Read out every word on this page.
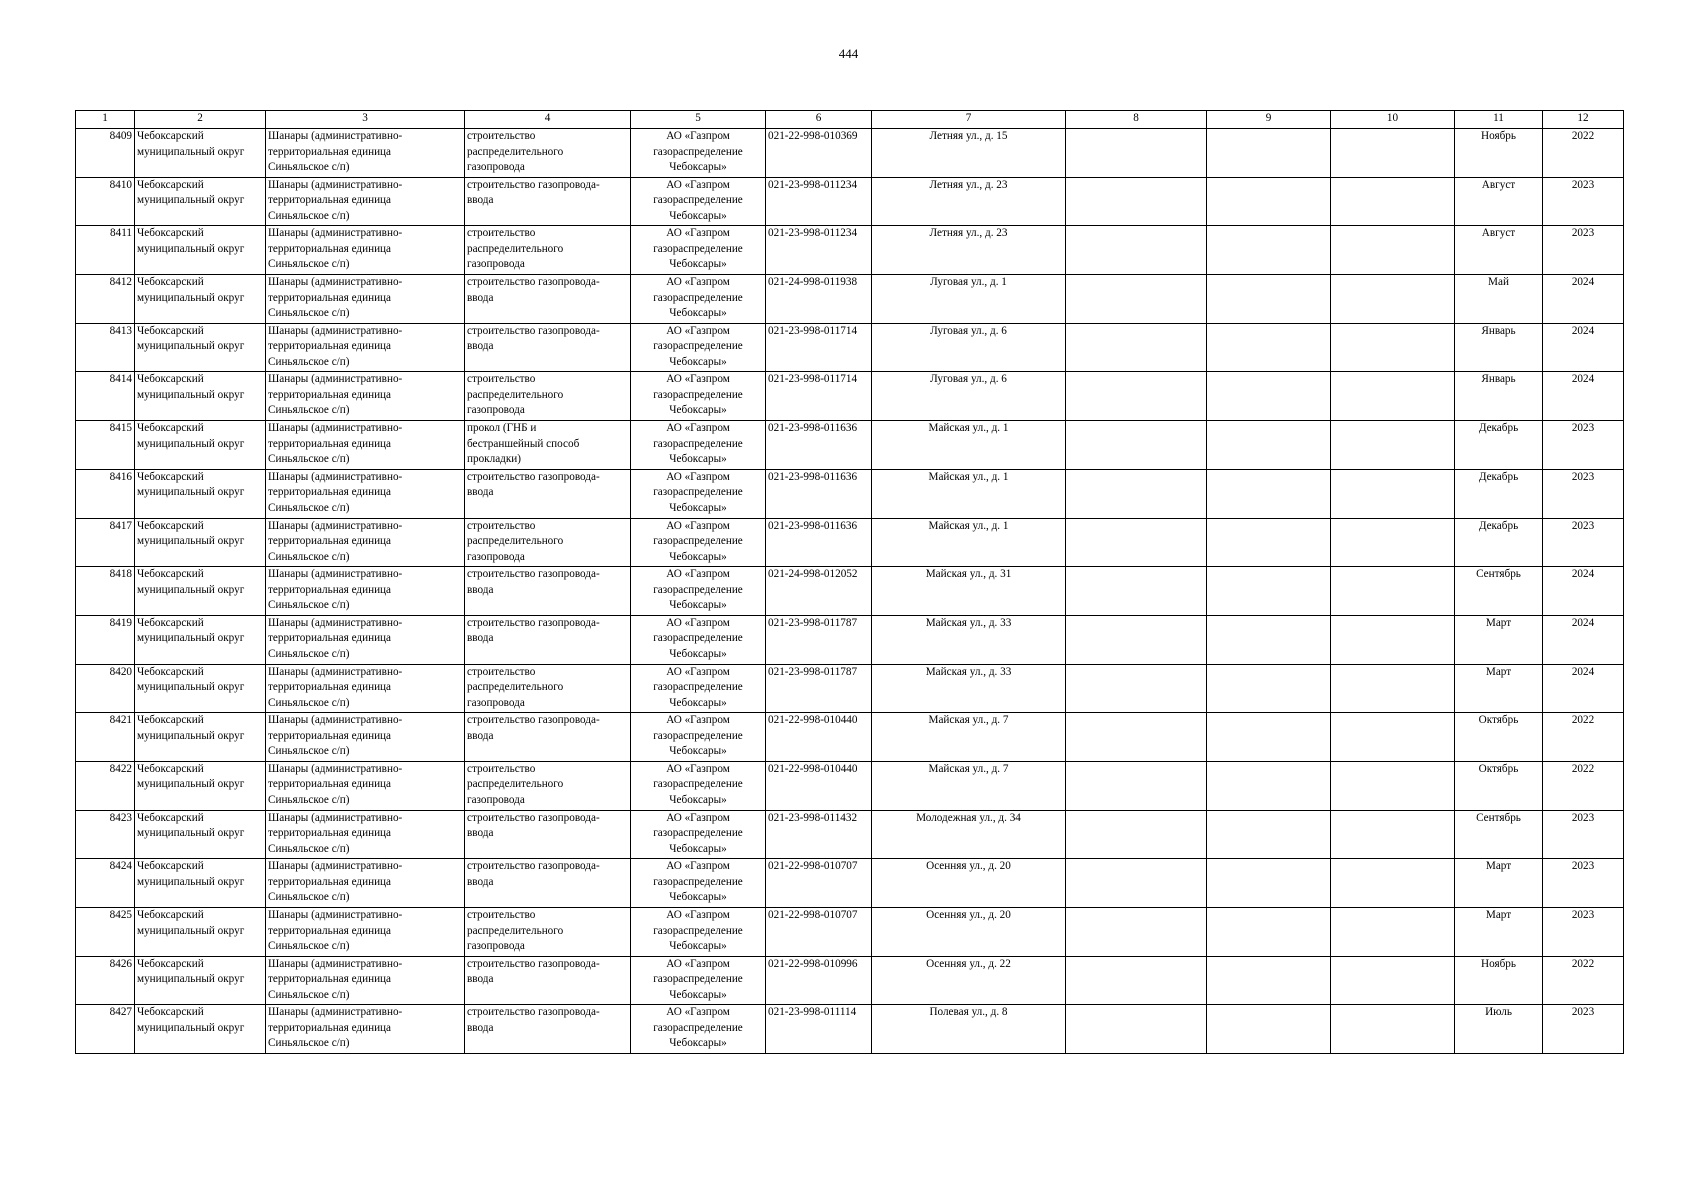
444
1	2	3	4	5	6	7	8	9	10	11	12
8409	Чебоксарский
муниципальный округ	Шанары (административно-
территориальная единица
Синьяльское с/п)	строительство
распределительного
газопровода	АО «Газпром
газораспределение
Чебоксары»	021-22-998-010369	Летняя ул., д. 15				Ноябрь	2022
8410	Чебоксарский
муниципальный округ	Шанары (административно-
территориальная единица
Синьяльское с/п)	строительство газопровода-
ввода	АО «Газпром
газораспределение
Чебоксары»	021-23-998-011234	Летняя ул., д. 23				Август	2023
8411	Чебоксарский
муниципальный округ	Шанары (административно-
территориальная единица
Синьяльское с/п)	строительство
распределительного
газопровода	АО «Газпром
газораспределение
Чебоксары»	021-23-998-011234	Летняя ул., д. 23				Август	2023
8412	Чебоксарский
муниципальный округ	Шанары (административно-
территориальная единица
Синьяльское с/п)	строительство газопровода-
ввода	АО «Газпром
газораспределение
Чебоксары»	021-24-998-011938	Луговая ул., д. 1				Май	2024
8413	Чебоксарский
муниципальный округ	Шанары (административно-
территориальная единица
Синьяльское с/п)	строительство газопровода-
ввода	АО «Газпром
газораспределение
Чебоксары»	021-23-998-011714	Луговая ул., д. 6				Январь	2024
8414	Чебоксарский
муниципальный округ	Шанары (административно-
территориальная единица
Синьяльское с/п)	строительство
распределительного
газопровода	АО «Газпром
газораспределение
Чебоксары»	021-23-998-011714	Луговая ул., д. 6				Январь	2024
8415	Чебоксарский
муниципальный округ	Шанары (административно-
территориальная единица
Синьяльское с/п)	прокол (ГНБ и
бестраншейный способ
прокладки)	АО «Газпром
газораспределение
Чебоксары»	021-23-998-011636	Майская ул., д. 1				Декабрь	2023
8416	Чебоксарский
муниципальный округ	Шанары (административно-
территориальная единица
Синьяльское с/п)	строительство газопровода-
ввода	АО «Газпром
газораспределение
Чебоксары»	021-23-998-011636	Майская ул., д. 1				Декабрь	2023
8417	Чебоксарский
муниципальный округ	Шанары (административно-
территориальная единица
Синьяльское с/п)	строительство
распределительного
газопровода	АО «Газпром
газораспределение
Чебоксары»	021-23-998-011636	Майская ул., д. 1				Декабрь	2023
8418	Чебоксарский
муниципальный округ	Шанары (административно-
территориальная единица
Синьяльское с/п)	строительство газопровода-
ввода	АО «Газпром
газораспределение
Чебоксары»	021-24-998-012052	Майская ул., д. 31				Сентябрь	2024
8419	Чебоксарский
муниципальный округ	Шанары (административно-
территориальная единица
Синьяльское с/п)	строительство газопровода-
ввода	АО «Газпром
газораспределение
Чебоксары»	021-23-998-011787	Майская ул., д. 33				Март	2024
8420	Чебоксарский
муниципальный округ	Шанары (административно-
территориальная единица
Синьяльское с/п)	строительство
распределительного
газопровода	АО «Газпром
газораспределение
Чебоксары»	021-23-998-011787	Майская ул., д. 33				Март	2024
8421	Чебоксарский
муниципальный округ	Шанары (административно-
территориальная единица
Синьяльское с/п)	строительство газопровода-
ввода	АО «Газпром
газораспределение
Чебоксары»	021-22-998-010440	Майская ул., д. 7				Октябрь	2022
8422	Чебоксарский
муниципальный округ	Шанары (административно-
территориальная единица
Синьяльское с/п)	строительство
распределительного
газопровода	АО «Газпром
газораспределение
Чебоксары»	021-22-998-010440	Майская ул., д. 7				Октябрь	2022
8423	Чебоксарский
муниципальный округ	Шанары (административно-
территориальная единица
Синьяльское с/п)	строительство газопровода-
ввода	АО «Газпром
газораспределение
Чебоксары»	021-23-998-011432	Молодежная ул., д. 34				Сентябрь	2023
8424	Чебоксарский
муниципальный округ	Шанары (административно-
территориальная единица
Синьяльское с/п)	строительство газопровода-
ввода	АО «Газпром
газораспределение
Чебоксары»	021-22-998-010707	Осенняя ул., д. 20				Март	2023
8425	Чебоксарский
муниципальный округ	Шанары (административно-
территориальная единица
Синьяльское с/п)	строительство
распределительного
газопровода	АО «Газпром
газораспределение
Чебоксары»	021-22-998-010707	Осенняя ул., д. 20				Март	2023
8426	Чебоксарский
муниципальный округ	Шанары (административно-
территориальная единица
Синьяльское с/п)	строительство газопровода-
ввода	АО «Газпром
газораспределение
Чебоксары»	021-22-998-010996	Осенняя ул., д. 22				Ноябрь	2022
8427	Чебоксарский
муниципальный округ	Шанары (административно-
территориальная единица
Синьяльское с/п)	строительство газопровода-
ввода	АО «Газпром
газораспределение
Чебоксары»	021-23-998-011114	Полевая ул., д. 8				Июль	2023
